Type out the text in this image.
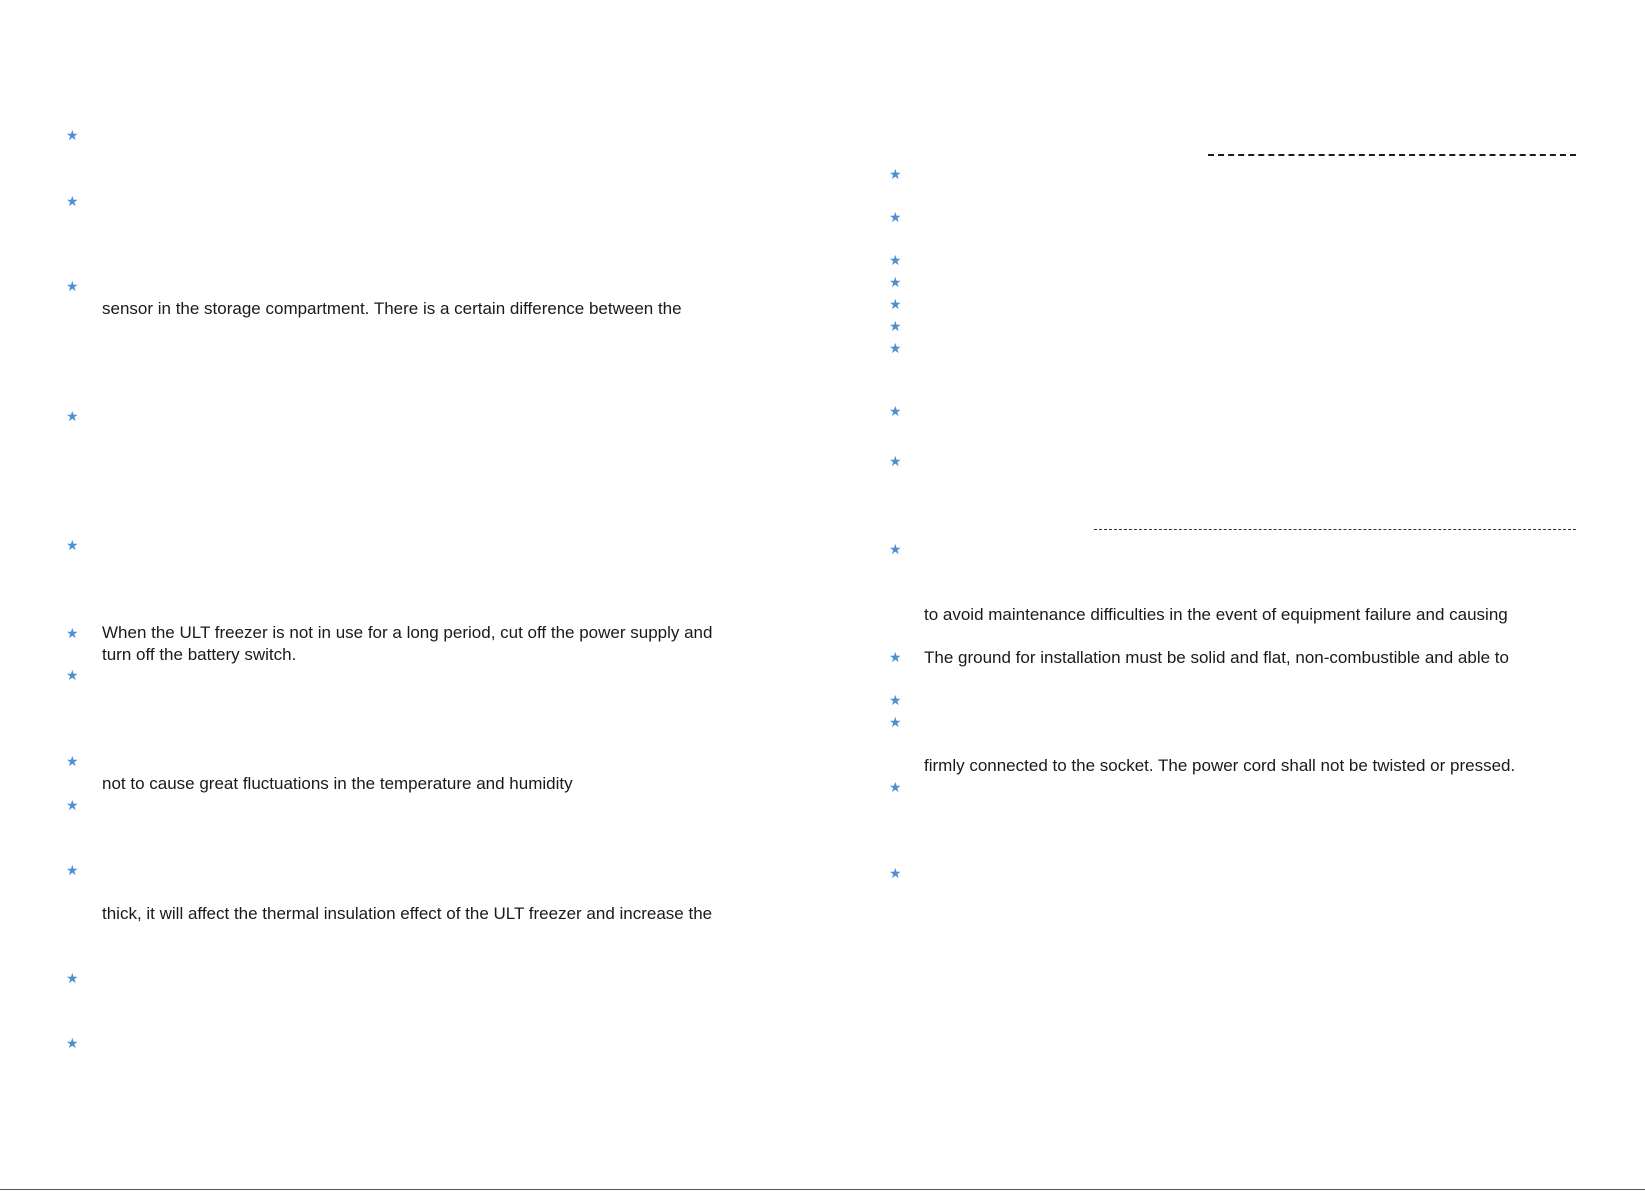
★
★
★
★
★
★
★
★
★
★
★
★
sensor in the storage compartment. There is a certain difference between the
When the ULT freezer is not in use for a long period, cut off the power supply and
turn off the battery switch.
not to cause great fluctuations in the temperature and humidity
thick, it will affect the thermal insulation effect of the ULT freezer and increase the
★
★
★
★
★
★
★
★
★
★
★
★
★
★
★
to avoid maintenance difficulties in the event of equipment failure and causing
The ground for installation must be solid and flat, non-combustible and able to
firmly connected to the socket. The power cord shall not be twisted or pressed.
